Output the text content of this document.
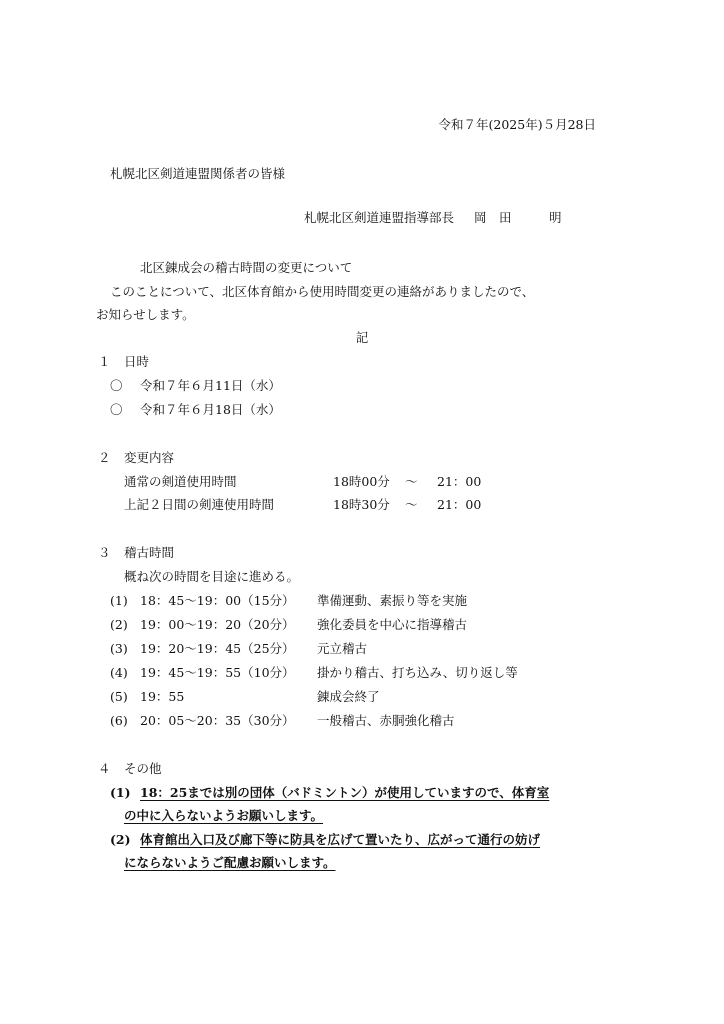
令和７年(2025年)５月28日
札幌北区剣道連盟関係者の皆様
札幌北区剣道連盟指導部長 岡　田　　　明
北区錬成会の稽古時間の変更について
このことについて、北区体育館から使用時間変更の連絡がありましたので、
お知らせします。
記
１ 日時
〇 令和７年６月11日（水）
〇 令和７年６月18日（水）
２ 変更内容
通常の剣道使用時間	18時00分 ～ 21：00
上記２日間の剣連使用時間	18時30分 ～ 21：00
３ 稽古時間
概ね次の時間を目途に進める。
(1) 18：45～19：00（15分） 準備運動、素振り等を実施
(2) 19：00～19：20（20分） 強化委員を中心に指導稽古
(3) 19：20～19：45（25分） 元立稽古
(4) 19：45～19：55（10分） 掛かり稽古、打ち込み、切り返し等
(5) 19：55	錬成会終了
(6) 20：05～20：35（30分） 一般稽古、赤胴強化稽古
４ その他
(1) 18：25までは別の団体（バドミントン）が使用していますので、体育室
の中に入らないようお願いします。
(2) 体育館出入口及び廊下等に防具を広げて置いたり、広がって通行の妨げ
にならないようご配慮お願いします。
